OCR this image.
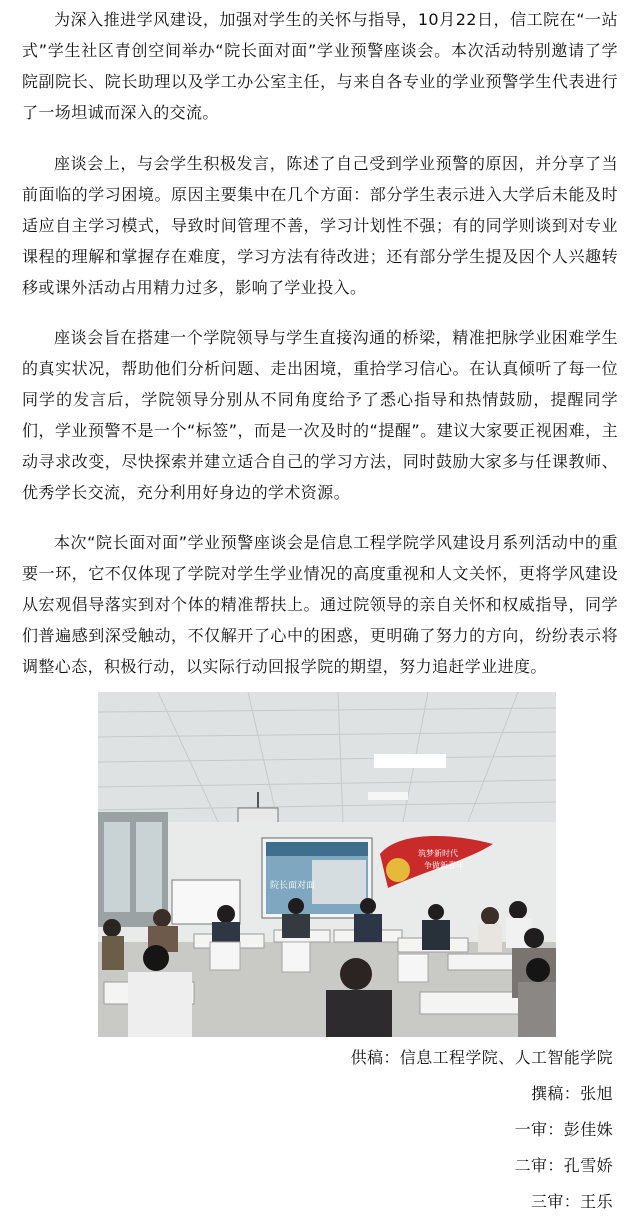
为深入推进学风建设，加强对学生的关怀与指导，10月22日，信工院在“一站式”学生社区青创空间举办“院长面对面”学业预警座谈会。本次活动特别邀请了学院副院长、院长助理以及学工办公室主任，与来自各专业的学业预警学生代表进行了一场坦诚而深入的交流。

座谈会上，与会学生积极发言，陈述了自己受到学业预警的原因，并分享了当前面临的学习困境。原因主要集中在几个方面：部分学生表示进入大学后未能及时适应自主学习模式，导致时间管理不善，学习计划性不强；有的同学则谈到对专业课程的理解和掌握存在难度，学习方法有待改进；还有部分学生提及因个人兴趣转移或课外活动占用精力过多，影响了学业投入。

座谈会旨在搭建一个学院领导与学生直接沟通的桥梁，精准把脉学业困难学生的真实状况，帮助他们分析问题、走出困境，重拾学习信心。在认真倾听了每一位同学的发言后，学院领导分别从不同角度给予了悉心指导和热情鼓励，提醒同学们，学业预警不是一个“标签”，而是一次及时的“提醒”。建议大家要正视困难，主动寻求改变，尽快探索并建立适合自己的学习方法，同时鼓励大家多与任课教师、优秀学长交流，充分利用好身边的学术资源。

本次“院长面对面”学业预警座谈会是信息工程学院学风建设月系列活动中的重要一环，它不仅体现了学院对学生学业情况的高度重视和人文关怀，更将学风建设从宏观倡导落实到对个体的精准帮扶上。通过院领导的亲自关怀和权威指导，同学们普遍感到深受触动，不仅解开了心中的困惑，更明确了努力的方向，纷纷表示将调整心态，积极行动，以实际行动回报学院的期望，努力追赶学业进度。

院长面对面
筑梦新时代
争做新青年
新时代 新青年 新作为
供稿：信息工程学院、人工智能学院
撰稿：张旭
一审：彭佳姝
二审：孔雪娇
三审：王乐
